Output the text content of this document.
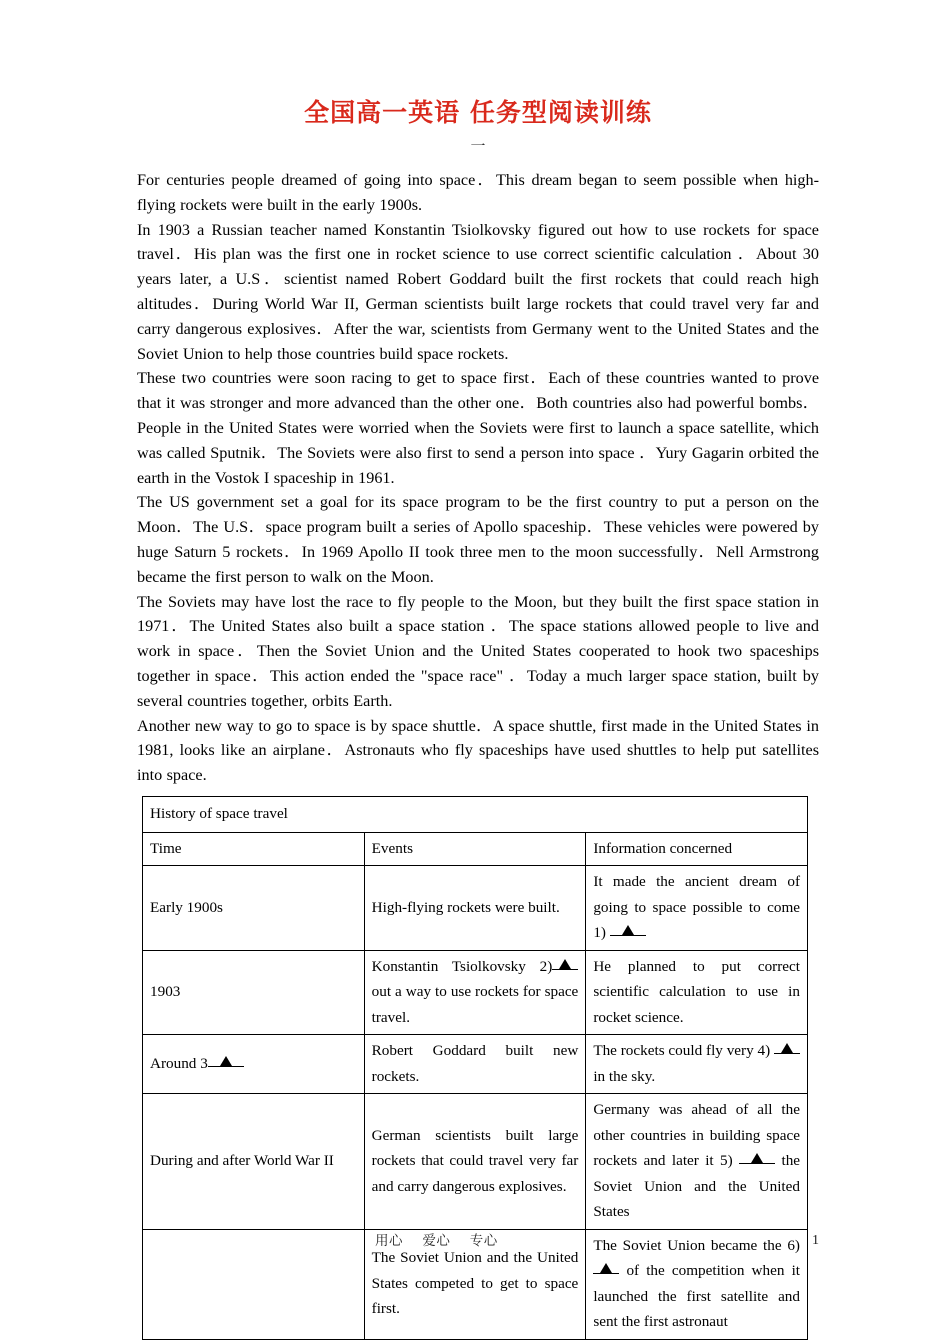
全国高一英语 任务型阅读训练
一

For centuries people dreamed of going into space．This dream began to seem possible when high-flying rockets were built in the early 1900s.

In 1903 a Russian teacher named Konstantin Tsiolkovsky figured out how to use rockets for space travel．His plan was the first one in rocket science to use correct scientific calculation ．About 30 years later, a U.S．scientist named Robert Goddard built the first rockets that could reach high altitudes．During World War II, German scientists built large rockets that could travel very far and carry dangerous explosives．After the war, scientists from Germany went to the United States and the Soviet Union to help those countries build space rockets.

These two countries were soon racing to get to space first．Each of these countries wanted to prove that it was stronger and more advanced than the other one．Both countries also had powerful bombs．People in the United States were worried when the Soviets were first to launch a space satellite, which was called Sputnik．The Soviets were also first to send a person into space ．Yury Gagarin orbited the earth in the Vostok I spaceship in 1961.

The US government set a goal for its space program to be the first country to put a person on the Moon．The U.S．space program built a series of Apollo spaceship．These vehicles were powered by huge Saturn 5 rockets．In 1969 Apollo II took three men to the moon successfully．Nell Armstrong became the first person to walk on the Moon.

The Soviets may have lost the race to fly people to the Moon, but they built the first space station in 1971．The United States also built a space station ．The space stations allowed people to live and work in space．Then the Soviet Union and the United States cooperated to hook two spaceships together in space．This action ended the "space race" ．Today a much larger space station, built by several countries together, orbits Earth.

Another new way to go to space is by space shuttle．A space shuttle, first made in the United States in 1981, looks like an airplane．Astronauts who fly spaceships have used shuttles to help put satellites into space.

History of space travel		
Time	Events	Information concerned
Early 1900s	High-flying rockets were built.	It made the ancient dream of going to space possible to come 1)

1903	Konstantin Tsiolkovsky 2)
out a way to use rockets for space travel.	He planned to put correct scientific calculation to use in rocket science.
Around 3	Robert Goddard built new rockets.	The rockets could fly very 4)
in the sky.
During and after World War II	German scientists built large rockets that could travel very far and carry dangerous explosives.	Germany was ahead of all the other countries in building space rockets and later it 5) the Soviet Union and the United States
	The Soviet Union and the United States competed to get to space first.	The Soviet Union became the 6)
of the competition when it launched the first satellite and sent the first astronaut
用心     爱心     专心	1
